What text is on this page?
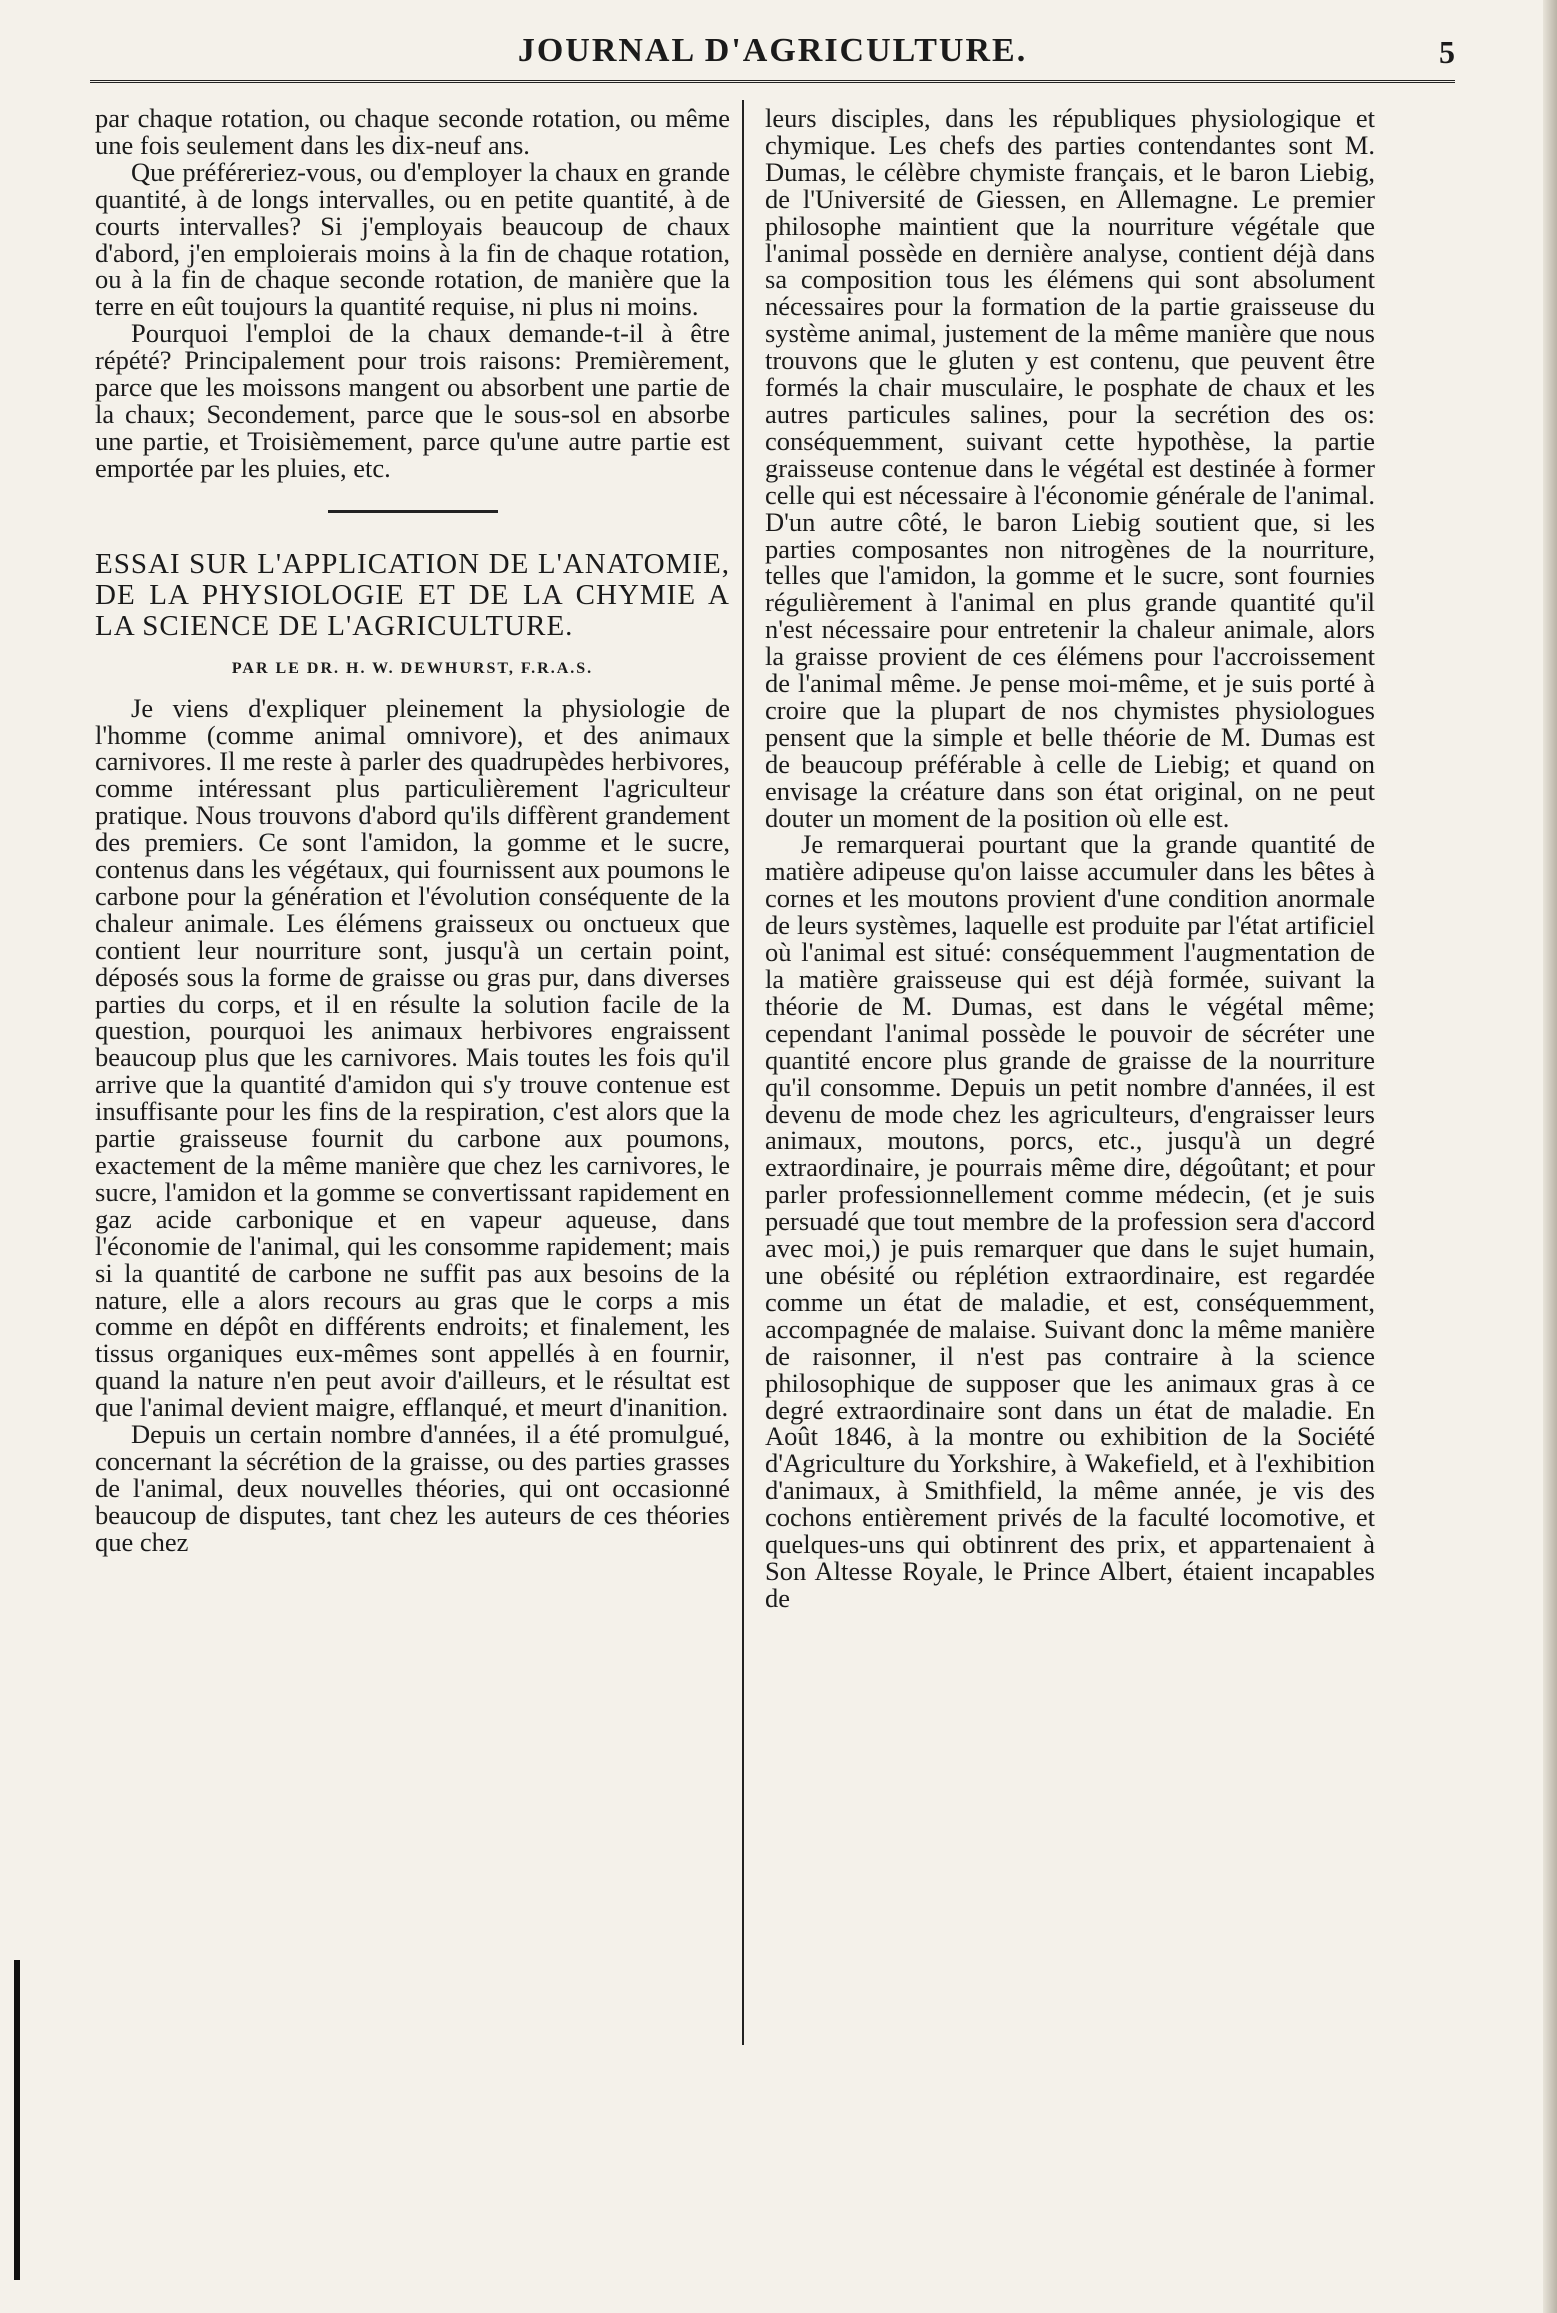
JOURNAL D'AGRICULTURE.	5

par chaque rotation, ou chaque seconde rotation, ou même une fois seulement dans les dix-neuf ans.

Que préféreriez-vous, ou d'employer la chaux en grande quantité, à de longs intervalles, ou en petite quantité, à de courts intervalles? Si j'employais beaucoup de chaux d'abord, j'en emploierais moins à la fin de chaque rotation, ou à la fin de chaque seconde rotation, de manière que la terre en eût toujours la quantité requise, ni plus ni moins.

Pourquoi l'emploi de la chaux demande-t-il à être répété? Principalement pour trois raisons: Premièrement, parce que les moissons mangent ou absorbent une partie de la chaux; Secondement, parce que le sous-sol en absorbe une partie, et Troisièmement, parce qu'une autre partie est emportée par les pluies, etc.

ESSAI SUR L'APPLICATION DE L'ANATOMIE, DE LA PHYSIOLOGIE ET DE LA CHYMIE A LA SCIENCE DE L'AGRICULTURE.
PAR LE DR. H. W. DEWHURST, F.R.A.S.

Je viens d'expliquer pleinement la physiologie de l'homme (comme animal omnivore), et des animaux carnivores. Il me reste à parler des quadrupèdes herbivores, comme intéressant plus particulièrement l'agriculteur pratique. Nous trouvons d'abord qu'ils diffèrent grandement des premiers. Ce sont l'amidon, la gomme et le sucre, contenus dans les végétaux, qui fournissent aux poumons le carbone pour la génération et l'évolution conséquente de la chaleur animale. Les élémens graisseux ou onctueux que contient leur nourriture sont, jusqu'à un certain point, déposés sous la forme de graisse ou gras pur, dans diverses parties du corps, et il en résulte la solution facile de la question, pourquoi les animaux herbivores engraissent beaucoup plus que les carnivores. Mais toutes les fois qu'il arrive que la quantité d'amidon qui s'y trouve contenue est insuffisante pour les fins de la respiration, c'est alors que la partie graisseuse fournit du carbone aux poumons, exactement de la même manière que chez les carnivores, le sucre, l'amidon et la gomme se convertissant rapidement en gaz acide carbonique et en vapeur aqueuse, dans l'économie de l'animal, qui les consomme rapidement; mais si la quantité de carbone ne suffit pas aux besoins de la nature, elle a alors recours au gras que le corps a mis comme en dépôt en différents endroits; et finalement, les tissus organiques eux-mêmes sont appellés à en fournir, quand la nature n'en peut avoir d'ailleurs, et le résultat est que l'animal devient maigre, efflanqué, et meurt d'inanition.

Depuis un certain nombre d'années, il a été promulgué, concernant la sécrétion de la graisse, ou des parties grasses de l'animal, deux nouvelles théories, qui ont occasionné beaucoup de disputes, tant chez les auteurs de ces théories que chez

leurs disciples, dans les républiques physiologique et chymique. Les chefs des parties contendantes sont M. Dumas, le célèbre chymiste français, et le baron Liebig, de l'Université de Giessen, en Allemagne. Le premier philosophe maintient que la nourriture végétale que l'animal possède en dernière analyse, contient déjà dans sa composition tous les élémens qui sont absolument nécessaires pour la formation de la partie graisseuse du système animal, justement de la même manière que nous trouvons que le gluten y est contenu, que peuvent être formés la chair musculaire, le posphate de chaux et les autres particules salines, pour la secrétion des os: conséquemment, suivant cette hypothèse, la partie graisseuse contenue dans le végétal est destinée à former celle qui est nécessaire à l'économie générale de l'animal. D'un autre côté, le baron Liebig soutient que, si les parties composantes non nitrogènes de la nourriture, telles que l'amidon, la gomme et le sucre, sont fournies régulièrement à l'animal en plus grande quantité qu'il n'est nécessaire pour entretenir la chaleur animale, alors la graisse provient de ces élémens pour l'accroissement de l'animal même. Je pense moi-même, et je suis porté à croire que la plupart de nos chymistes physiologues pensent que la simple et belle théorie de M. Dumas est de beaucoup préférable à celle de Liebig; et quand on envisage la créature dans son état original, on ne peut douter un moment de la position où elle est.

Je remarquerai pourtant que la grande quantité de matière adipeuse qu'on laisse accumuler dans les bêtes à cornes et les moutons provient d'une condition anormale de leurs systèmes, laquelle est produite par l'état artificiel où l'animal est situé: conséquemment l'augmentation de la matière graisseuse qui est déjà formée, suivant la théorie de M. Dumas, est dans le végétal même; cependant l'animal possède le pouvoir de sécréter une quantité encore plus grande de graisse de la nourriture qu'il consomme. Depuis un petit nombre d'années, il est devenu de mode chez les agriculteurs, d'engraisser leurs animaux, moutons, porcs, etc., jusqu'à un degré extraordinaire, je pourrais même dire, dégoûtant; et pour parler professionnellement comme médecin, (et je suis persuadé que tout membre de la profession sera d'accord avec moi,) je puis remarquer que dans le sujet humain, une obésité ou réplétion extraordinaire, est regardée comme un état de maladie, et est, conséquemment, accompagnée de malaise. Suivant donc la même manière de raisonner, il n'est pas contraire à la science philosophique de supposer que les animaux gras à ce degré extraordinaire sont dans un état de maladie. En Août 1846, à la montre ou exhibition de la Société d'Agriculture du Yorkshire, à Wakefield, et à l'exhibition d'animaux, à Smithfield, la même année, je vis des cochons entièrement privés de la faculté locomotive, et quelques-uns qui obtinrent des prix, et appartenaient à Son Altesse Royale, le Prince Albert, étaient incapables de
